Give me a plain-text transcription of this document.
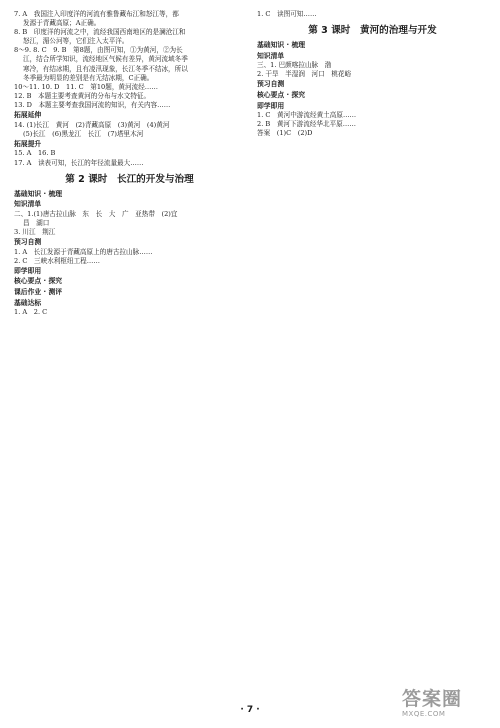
7. A　我国注入印度洋的河流有雅鲁藏布江和怒江等，都
发源于青藏高原；A正确。
8. B　印度洋的河流之中，流经我国西南地区的是澜沧江和
怒江，湄公河等，它们注入太平洋。
8～9. 8. C　9. B　第8题，由图可知，①为黄河，②为长
江，结合所学知识，流经地区气候有差异，黄河流域冬季
寒冷，有结冰期，且有凌汛现象，长江冬季不结冰，所以
冬季最为明显的差别是有无结冰期，C正确。
10～11. 10. D　11. C　第10题，黄河流经……
12. B　本题主要考查黄河的分布与水文特征。
13. D　本题主要考查我国河流的知识，有关内容……
拓展延伸
14. (1)长江　黄河　(2)青藏高原　(3)黄河　(4)黄河
(5)长江　(6)黑龙江　长江　(7)塔里木河
拓展提升
15. A　16. B
17. A　读表可知，长江的年径流量最大……
第 2 课时　长江的开发与治理
基础知识 · 梳理
知识清单
二、1.(1)唐古拉山脉　东　长　大　广　亚热带　(2)宜
昌　湖口
3. 川江　荆江
预习自测
1. A　长江发源于青藏高原上的唐古拉山脉……
2. C　三峡水利枢纽工程……
即学即用
核心要点 · 探究
课后作业 · 测评
基础达标
1. A　2. C
1. C　读图可知……
第 3 课时　黄河的治理与开发
基础知识 · 梳理
知识清单
三、1. 巴颜喀拉山脉　渤
2. 干旱　半湿润　河口　桃花峪
预习自测
核心要点 · 探究
即学即用
1. C　黄河中游流经黄土高原……
2. B　黄河下游流经华北平原……
答案　(1)C　(2)D
· 7 ·	答案圈
MXQE.COM
